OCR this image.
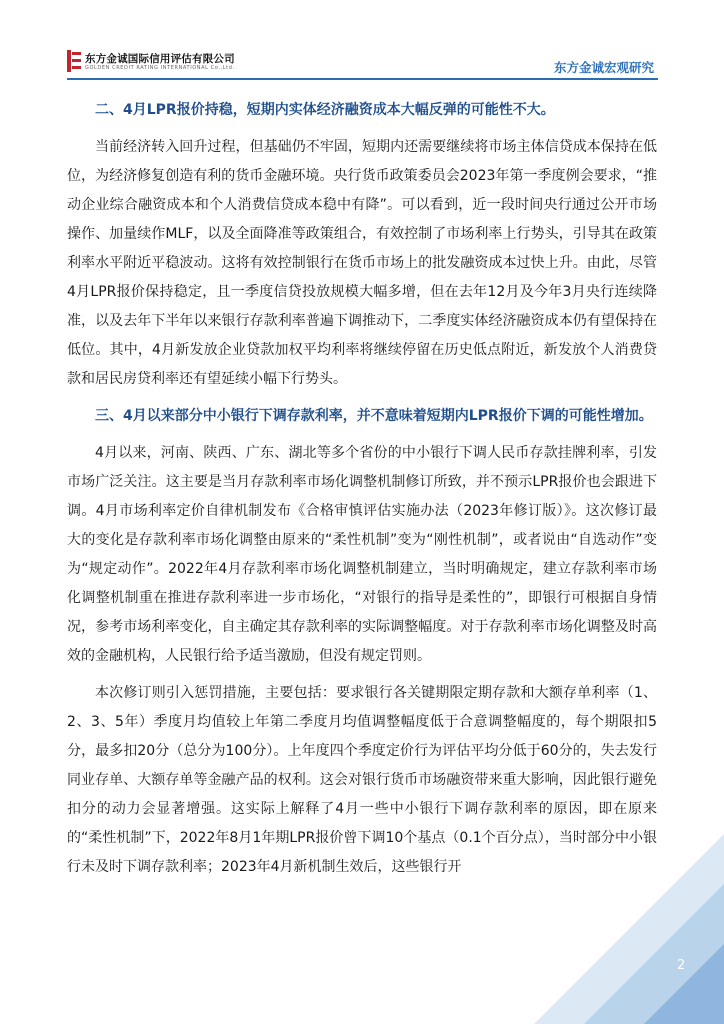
东方金诚国际信用评估有限公司
GOLDEN CREDIT RATING INTERNATIONAL Co.,Ltd.	东方金诚宏观研究
二、4月LPR报价持稳，短期内实体经济融资成本大幅反弹的可能性不大。

当前经济转入回升过程，但基础仍不牢固，短期内还需要继续将市场主体信贷成本保持在低位，为经济修复创造有利的货币金融环境。央行货币政策委员会2023年第一季度例会要求，“推动企业综合融资成本和个人消费信贷成本稳中有降”。可以看到，近一段时间央行通过公开市场操作、加量续作MLF，以及全面降准等政策组合，有效控制了市场利率上行势头，引导其在政策利率水平附近平稳波动。这将有效控制银行在货币市场上的批发融资成本过快上升。由此，尽管4月LPR报价保持稳定，且一季度信贷投放规模大幅多增，但在去年12月及今年3月央行连续降准，以及去年下半年以来银行存款利率普遍下调推动下，二季度实体经济融资成本仍有望保持在低位。其中，4月新发放企业贷款加权平均利率将继续停留在历史低点附近，新发放个人消费贷款和居民房贷利率还有望延续小幅下行势头。

三、4月以来部分中小银行下调存款利率，并不意味着短期内LPR报价下调的可能性增加。

4月以来，河南、陕西、广东、湖北等多个省份的中小银行下调人民币存款挂牌利率，引发市场广泛关注。这主要是当月存款利率市场化调整机制修订所致，并不预示LPR报价也会跟进下调。4月市场利率定价自律机制发布《合格审慎评估实施办法（2023年修订版）》。这次修订最大的变化是存款利率市场化调整由原来的“柔性机制”变为“刚性机制”，或者说由“自选动作”变为“规定动作”。2022年4月存款利率市场化调整机制建立，当时明确规定，建立存款利率市场化调整机制重在推进存款利率进一步市场化，“对银行的指导是柔性的”，即银行可根据自身情况，参考市场利率变化，自主确定其存款利率的实际调整幅度。对于存款利率市场化调整及时高效的金融机构，人民银行给予适当激励，但没有规定罚则。

本次修订则引入惩罚措施，主要包括：要求银行各关键期限定期存款和大额存单利率（1、2、3、5年）季度月均值较上年第二季度月均值调整幅度低于合意调整幅度的，每个期限扣5分，最多扣20分（总分为100分）。上年度四个季度定价行为评估平均分低于60分的，失去发行同业存单、大额存单等金融产品的权利。这会对银行货币市场融资带来重大影响，因此银行避免扣分的动力会显著增强。这实际上解释了4月一些中小银行下调存款利率的原因，即在原来的“柔性机制”下，2022年8月1年期LPR报价曾下调10个基点（0.1个百分点），当时部分中小银行未及时下调存款利率；2023年4月新机制生效后，这些银行开

2
